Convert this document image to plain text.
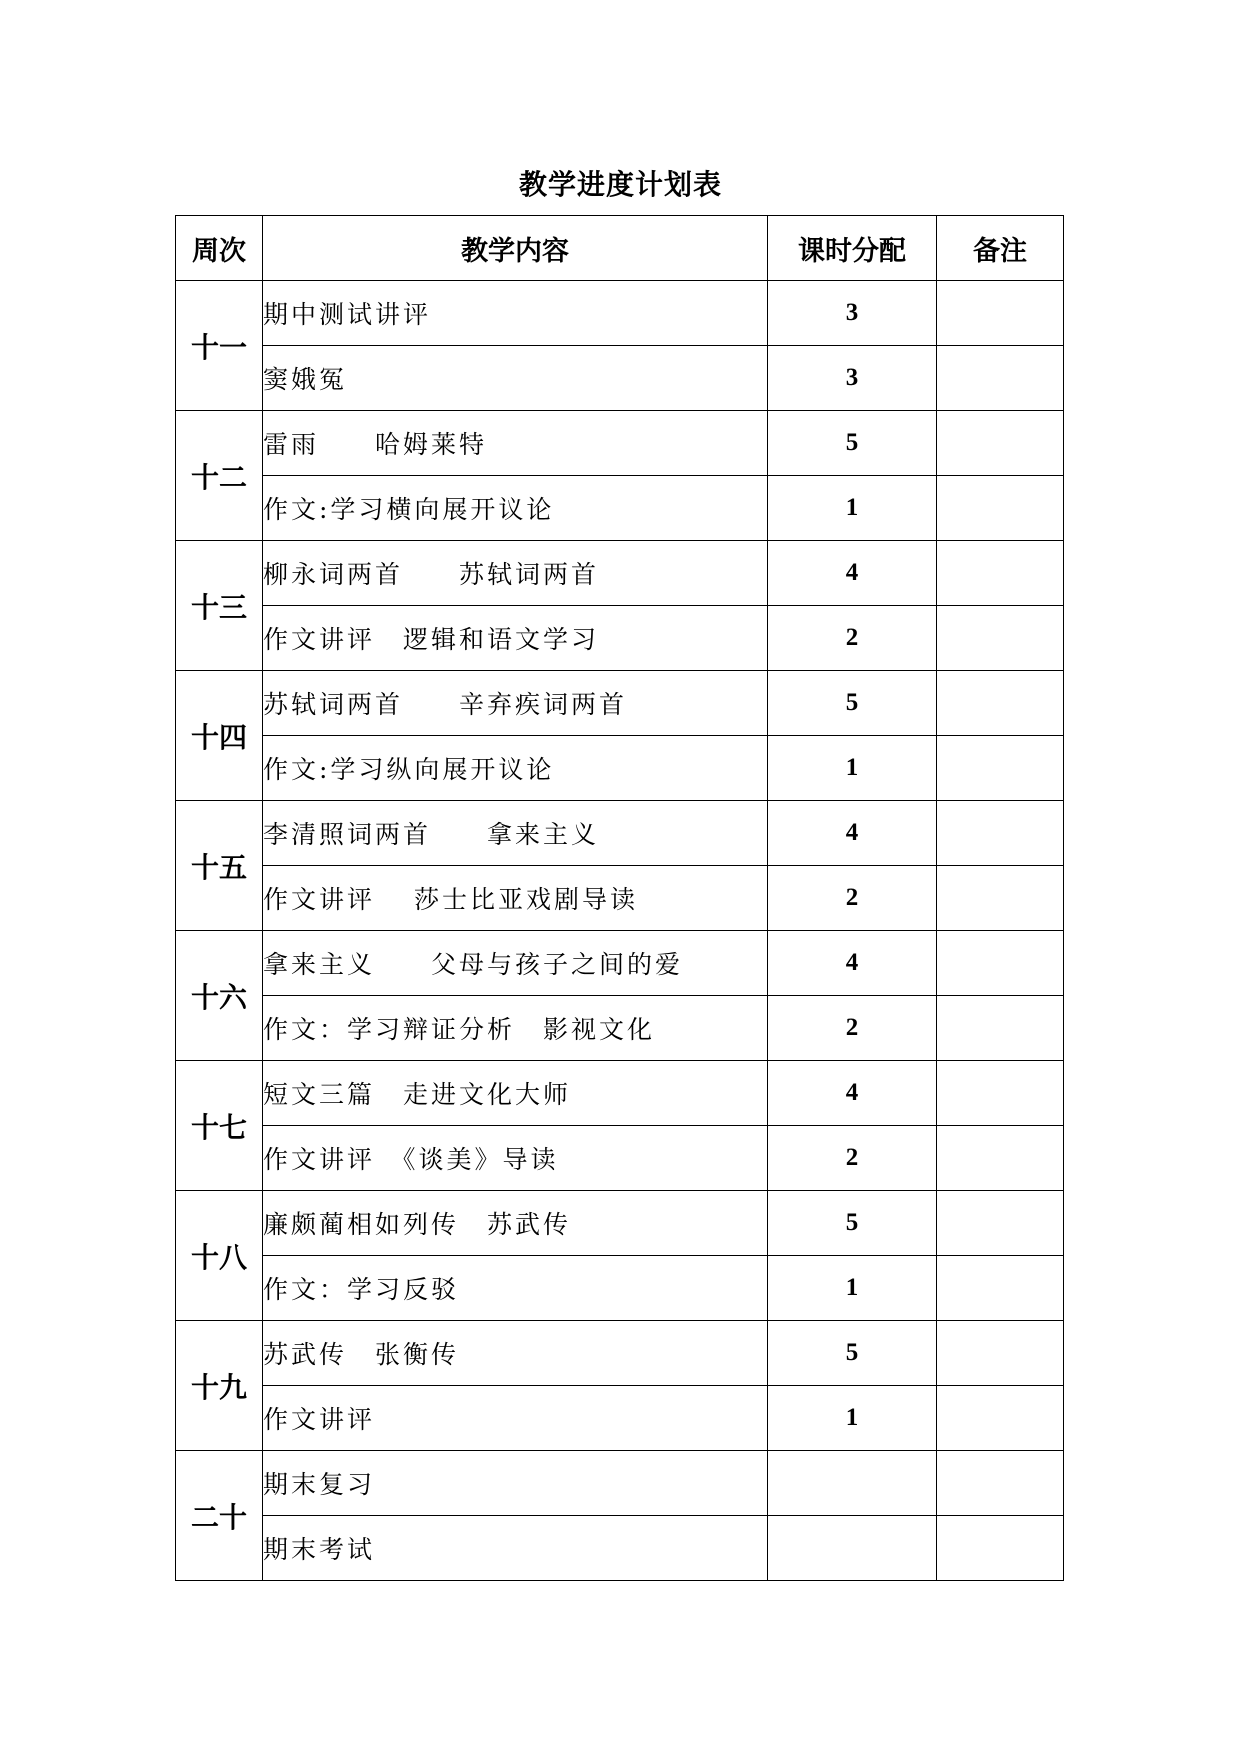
教学进度计划表
周次	教学内容	课时分配	备注
十一	期中测试讲评	3	
	窦娥冤	3	
十二	雷雨　　哈姆莱特	5	
	作文:学习横向展开议论	1	
十三	柳永词两首　　苏轼词两首	4	
	作文讲评　逻辑和语文学习	2	
十四	苏轼词两首　　辛弃疾词两首	5	
	作文:学习纵向展开议论	1	
十五	李清照词两首　　拿来主义	4	
	作文讲评　 莎士比亚戏剧导读	2	
十六	拿来主义　　父母与孩子之间的爱	4	
	作文：学习辩证分析　影视文化	2	
十七	短文三篇　走进文化大师	4	
	作文讲评　《谈美》导读	2	
十八	廉颇蔺相如列传　苏武传	5	
	作文：学习反驳	1	
十九	苏武传　张衡传	5	
	作文讲评	1	
二十	期末复习		
	期末考试		
